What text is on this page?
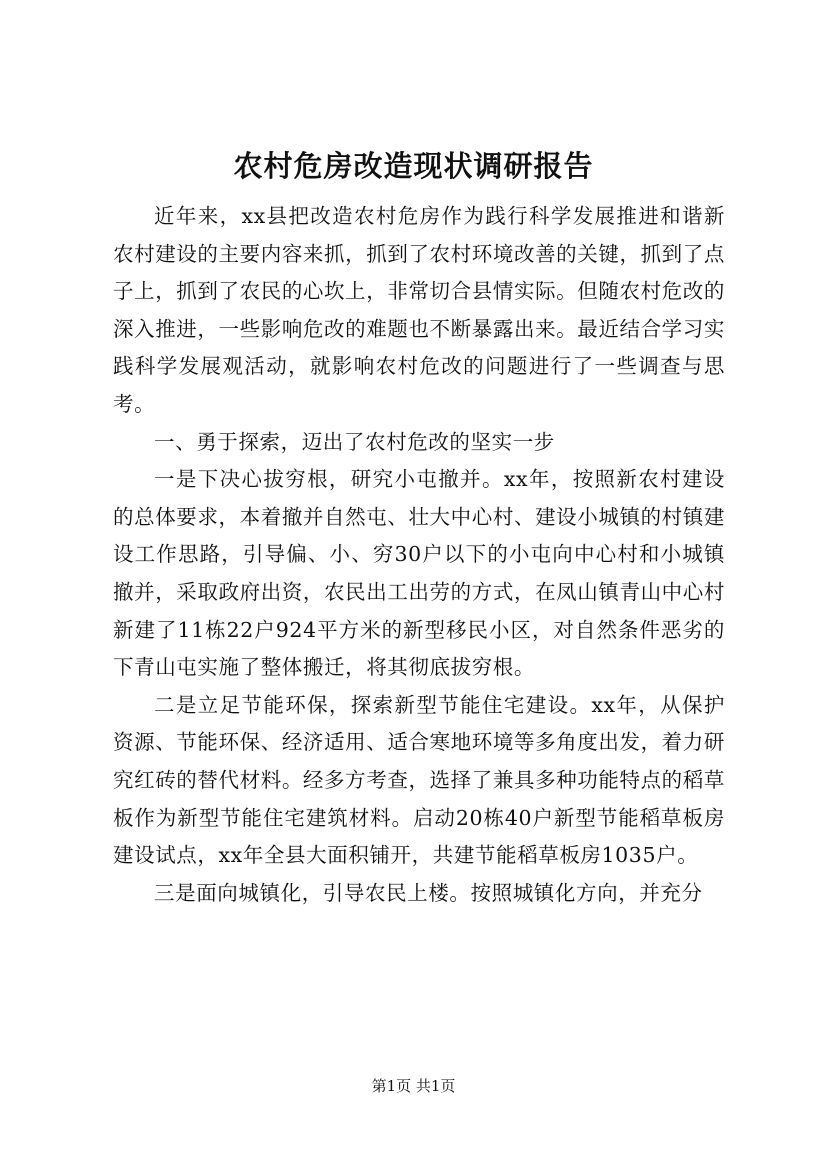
农村危房改造现状调研报告

近年来，xx县把改造农村危房作为践行科学发展推进和谐新农村建设的主要内容来抓，抓到了农村环境改善的关键，抓到了点子上，抓到了农民的心坎上，非常切合县情实际。但随农村危改的深入推进，一些影响危改的难题也不断暴露出来。最近结合学习实践科学发展观活动，就影响农村危改的问题进行了一些调查与思考。

一、勇于探索，迈出了农村危改的坚实一步

一是下决心拔穷根，研究小屯撤并。xx年，按照新农村建设的总体要求，本着撤并自然屯、壮大中心村、建设小城镇的村镇建设工作思路，引导偏、小、穷30户以下的小屯向中心村和小城镇撤并，采取政府出资，农民出工出劳的方式，在凤山镇青山中心村新建了11栋22户924平方米的新型移民小区，对自然条件恶劣的下青山屯实施了整体搬迁，将其彻底拔穷根。

二是立足节能环保，探索新型节能住宅建设。xx年，从保护资源、节能环保、经济适用、适合寒地环境等多角度出发，着力研究红砖的替代材料。经多方考查，选择了兼具多种功能特点的稻草板作为新型节能住宅建筑材料。启动20栋40户新型节能稻草板房建设试点，xx年全县大面积铺开，共建节能稻草板房1035户。

三是面向城镇化，引导农民上楼。按照城镇化方向，并充分

第1页 共1页
